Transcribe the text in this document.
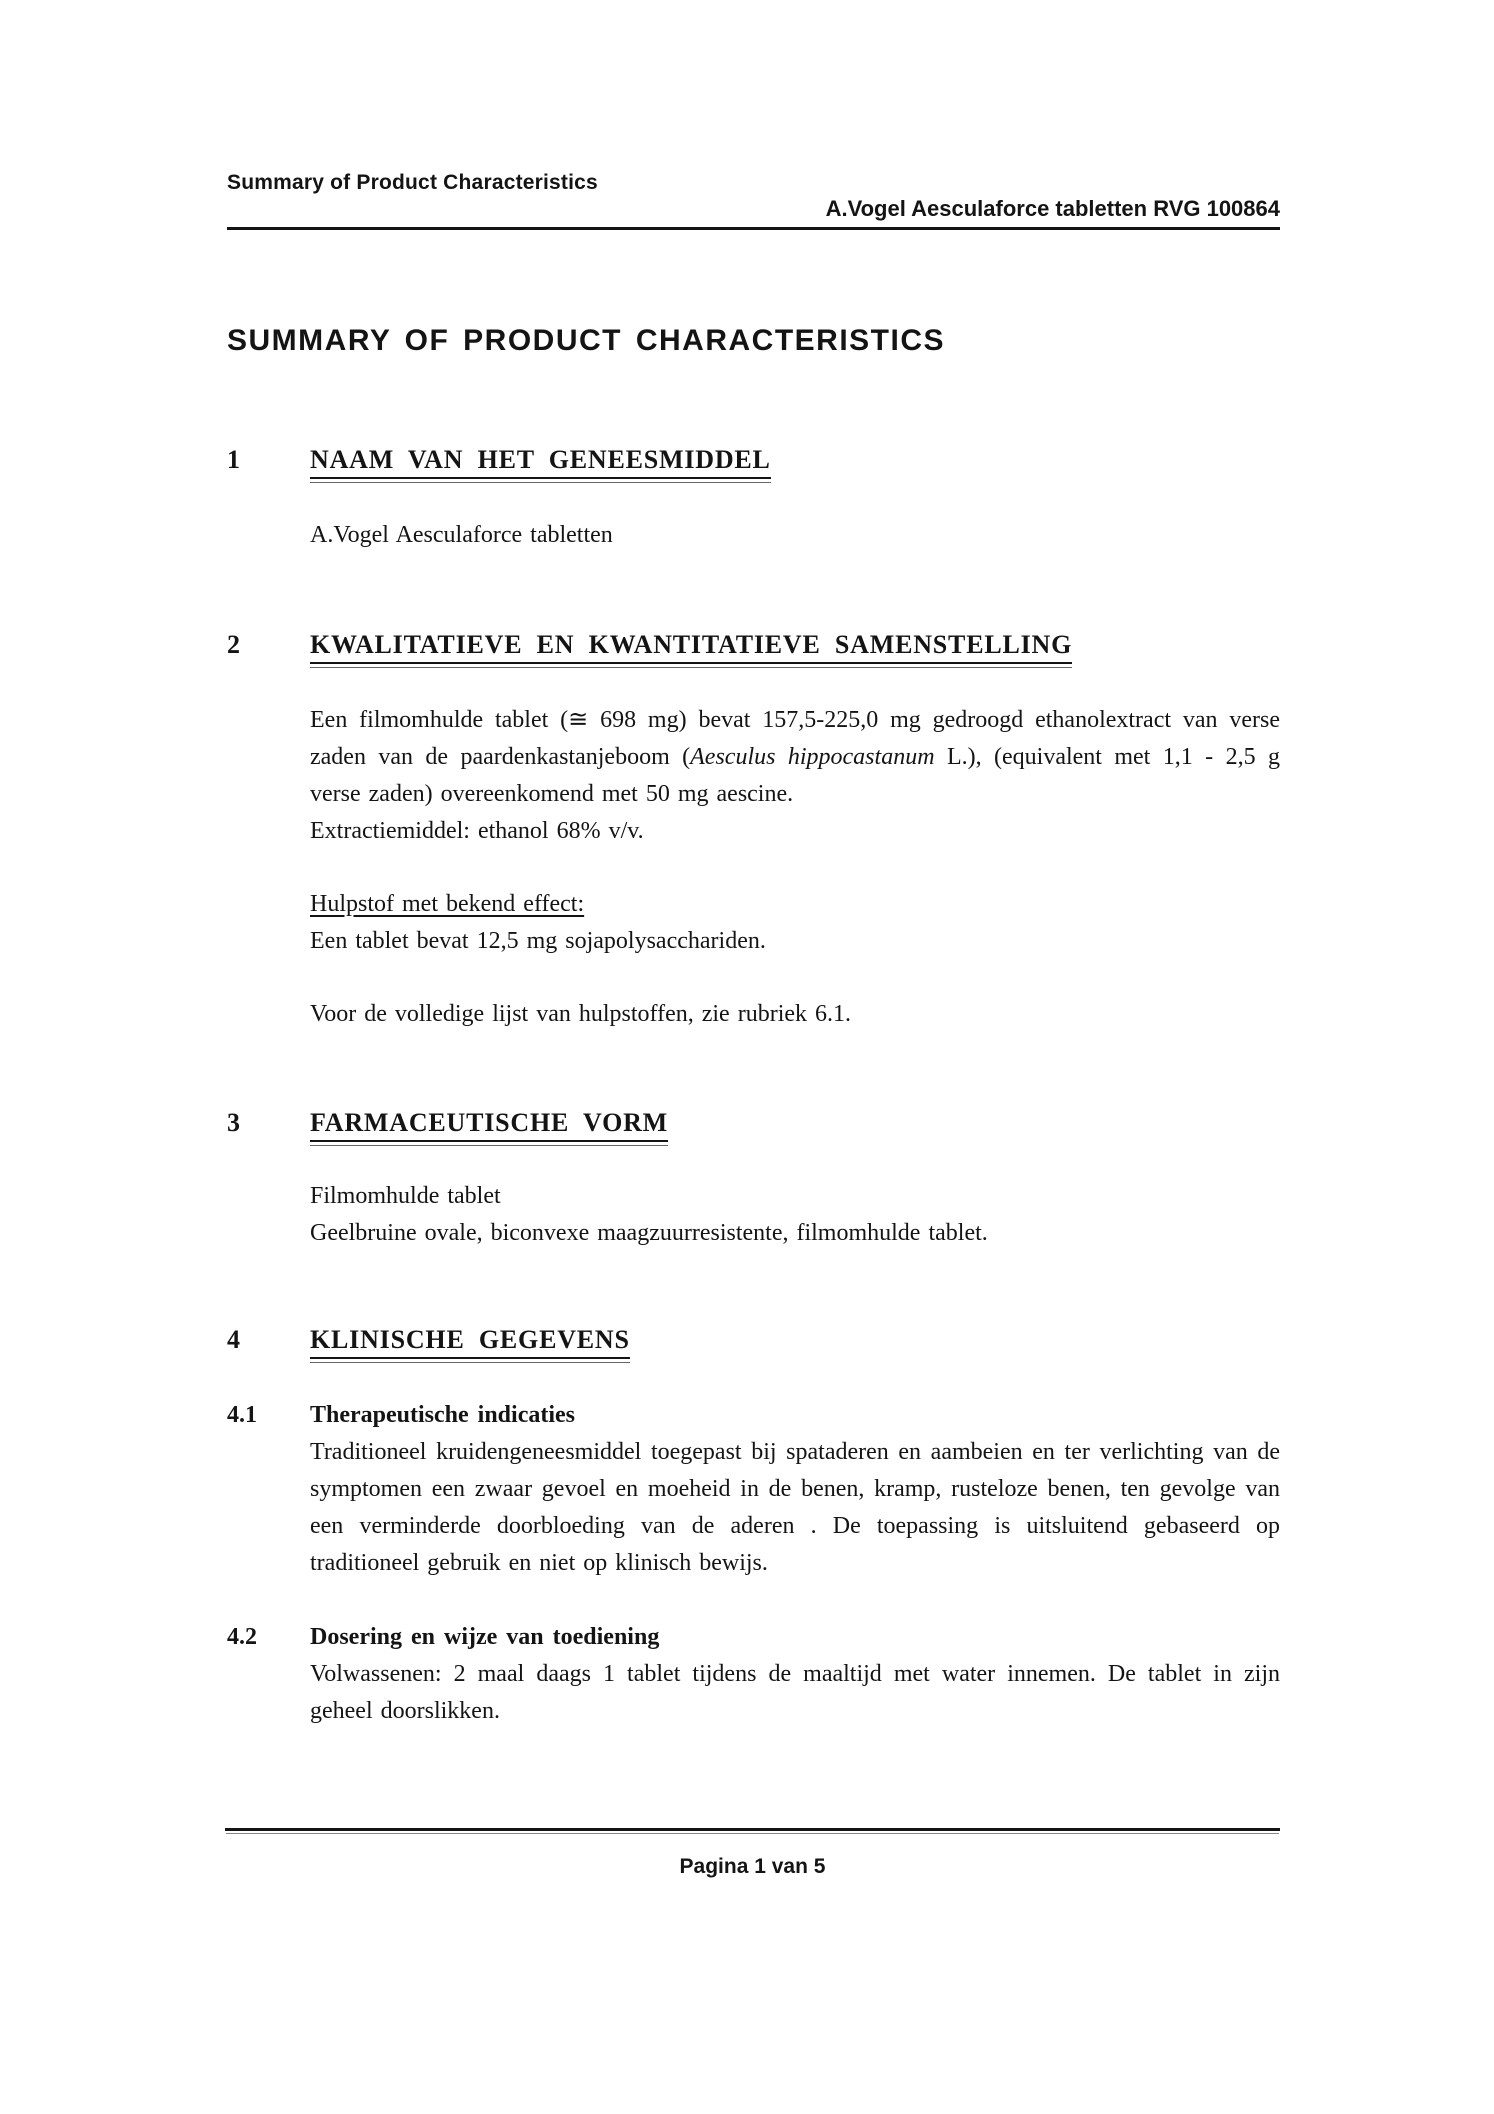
Summary of Product Characteristics
A.Vogel Aesculaforce tabletten RVG 100864
SUMMARY OF PRODUCT CHARACTERISTICS
1	NAAM VAN HET GENEESMIDDEL

A.Vogel Aesculaforce tabletten

2	KWALITATIEVE EN KWANTITATIEVE SAMENSTELLING

Een filmomhulde tablet (≅ 698 mg) bevat 157,5-225,0 mg gedroogd ethanolextract van verse zaden van de paardenkastanjeboom (Aesculus hippocastanum L.), (equivalent met 1,1 - 2,5 g verse zaden) overeenkomend met 50 mg aescine.

Extractiemiddel: ethanol 68% v/v.

Hulpstof met bekend effect:

Een tablet bevat 12,5 mg sojapolysacchariden.

Voor de volledige lijst van hulpstoffen, zie rubriek 6.1.

3	FARMACEUTISCHE VORM

Filmomhulde tablet

Geelbruine ovale, biconvexe maagzuurresistente, filmomhulde tablet.

4	KLINISCHE GEGEVENS
4.1	Therapeutische indicaties

Traditioneel kruidengeneesmiddel toegepast bij spataderen en aambeien en ter verlichting van de symptomen een zwaar gevoel en moeheid in de benen, kramp, rusteloze benen, ten gevolge van een verminderde doorbloeding van de aderen . De toepassing is uitsluitend gebaseerd op traditioneel gebruik en niet op klinisch bewijs.

4.2	Dosering en wijze van toediening

Volwassenen: 2 maal daags 1 tablet tijdens de maaltijd met water innemen. De tablet in zijn geheel doorslikken.

Pagina 1 van 5
